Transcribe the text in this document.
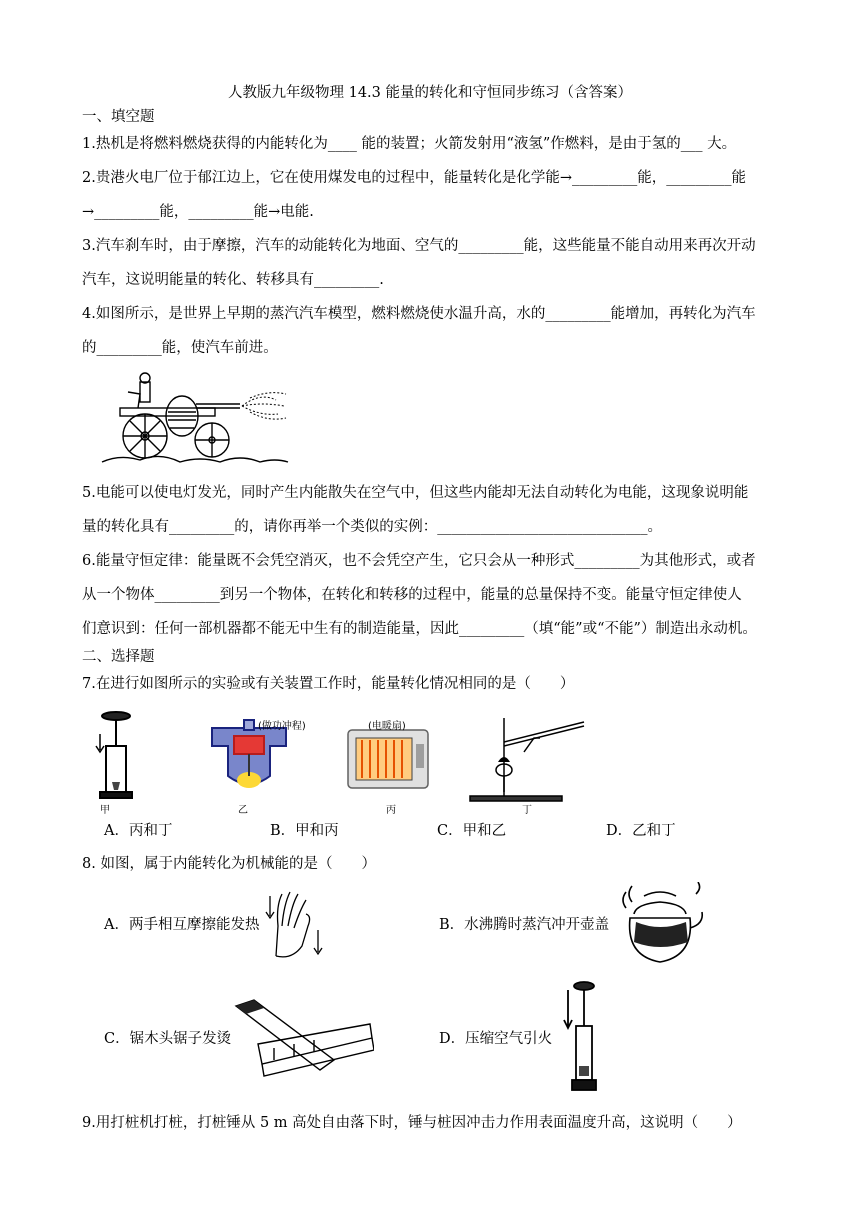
人教版九年级物理 14.3 能量的转化和守恒同步练习（含答案）
一、填空题
1.热机是将燃料燃烧获得的内能转化为____ 能的装置；火箭发射用“液氢”作燃料，是由于氢的___ 大。
2.贵港火电厂位于郁江边上，它在使用煤发电的过程中，能量转化是化学能→_________能，_________能
→_________能，_________能→电能.
3.汽车刹车时，由于摩擦，汽车的动能转化为地面、空气的_________能，这些能量不能自动用来再次开动
汽车，这说明能量的转化、转移具有_________.
4.如图所示，是世界上早期的蒸汽汽车模型，燃料燃烧使水温升高，水的_________能增加，再转化为汽车
的_________能，使汽车前进。
5.电能可以使电灯发光，同时产生内能散失在空气中，但这些内能却无法自动转化为电能，这现象说明能
量的转化具有_________的，请你再举一个类似的实例：_____________________________。
6.能量守恒定律：能量既不会凭空消灭，也不会凭空产生，它只会从一种形式_________为其他形式，或者
从一个物体_________到另一个物体，在转化和转移的过程中，能量的总量保持不变。能量守恒定律使人
们意识到：任何一部机器都不能无中生有的制造能量，因此_________（填“能”或“不能”）制造出永动机。
二、选择题
7.在进行如图所示的实验或有关装置工作时，能量转化情况相同的是（　　）
甲
(做功冲程)
乙
(电暖扇)
丙	丁
A．丙和丁	B．甲和丙	C．甲和乙	D．乙和丁
8. 如图，属于内能转化为机械能的是（　　）
A．两手相互摩擦能发热	B．水沸腾时蒸汽冲开壶盖
C．锯木头锯子发烫	D．压缩空气引火
9.用打桩机打桩，打桩锤从 5 m 高处自由落下时，锤与桩因冲击力作用表面温度升高，这说明（　　）
